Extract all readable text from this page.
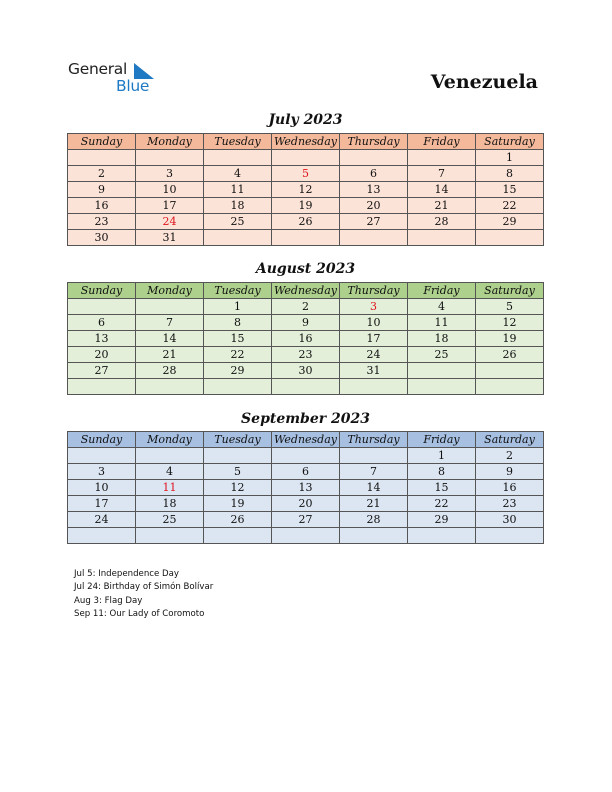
General
Blue	Venezuela
July 2023
Sunday	Monday	Tuesday	Wednesday	Thursday	Friday	Saturday
						1
2	3	4	5	6	7	8
9	10	11	12	13	14	15
16	17	18	19	20	21	22
23	24	25	26	27	28	29
30	31					
August 2023
Sunday	Monday	Tuesday	Wednesday	Thursday	Friday	Saturday
		1	2	3	4	5
6	7	8	9	10	11	12
13	14	15	16	17	18	19
20	21	22	23	24	25	26
27	28	29	30	31		

September 2023
Sunday	Monday	Tuesday	Wednesday	Thursday	Friday	Saturday
					1	2
3	4	5	6	7	8	9
10	11	12	13	14	15	16
17	18	19	20	21	22	23
24	25	26	27	28	29	30

Jul 5: Independence Day
Jul 24: Birthday of Simón Bolívar
Aug 3: Flag Day
Sep 11: Our Lady of Coromoto
